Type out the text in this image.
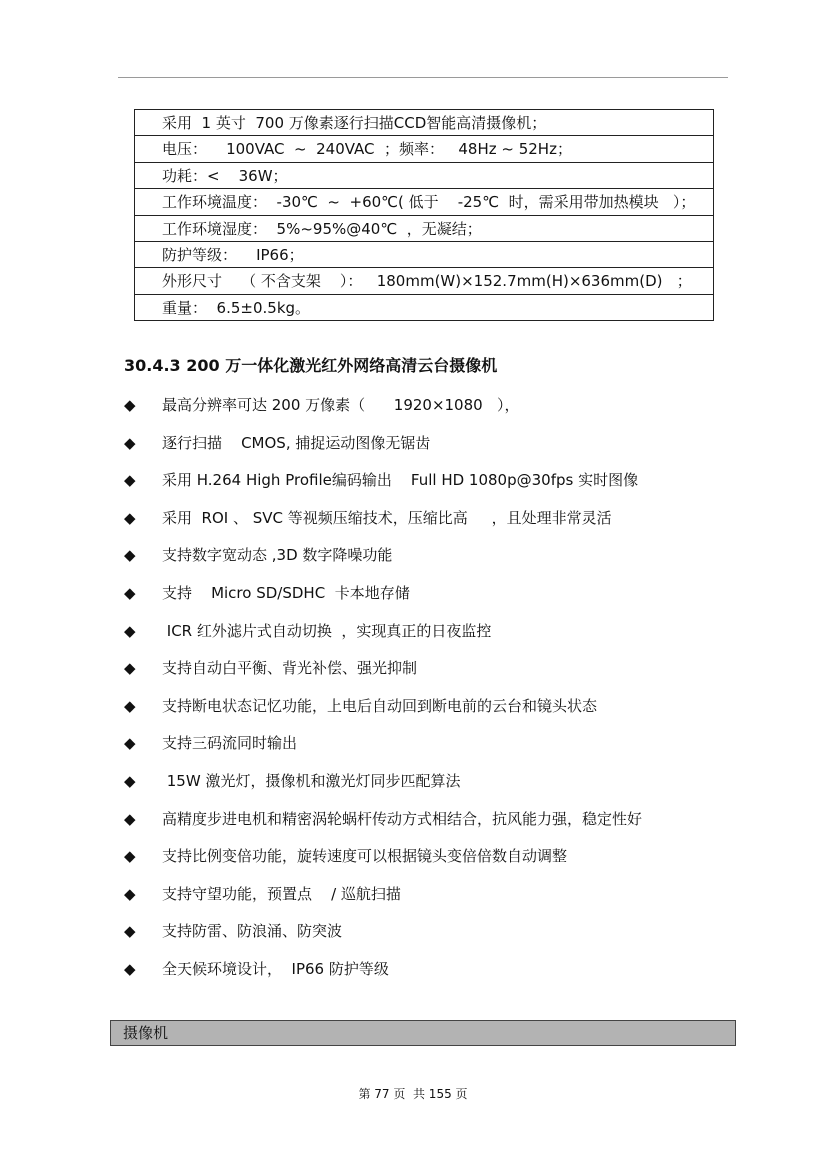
采用  1 英寸  700 万像素逐行扫描CCD智能高清摄像机；
电压：    100VAC  ~  240VAC  ；频率：   48Hz ~ 52Hz；
功耗：<    36W；
工作环境温度：  -30℃  ~  +60℃( 低于    -25℃  时，需采用带加热模块   ）；
工作环境湿度：  5%~95%@40℃  ，无凝结；
防护等级：    IP66；
外形尺寸    （ 不含支架    ）：   180mm(W)×152.7mm(H)×636mm(D)   ；
重量：  6.5±0.5kg。
30.4.3 200 万一体化激光红外网络高清云台摄像机
◆ 最高分辨率可达 200 万像素（      1920×1080   ），
◆ 逐行扫描    CMOS, 捕捉运动图像无锯齿
◆ 采用 H.264 High Profile编码输出    Full HD 1080p@30fps 实时图像
◆ 采用  ROI 、 SVC 等视频压缩技术，压缩比高     ，且处理非常灵活
◆ 支持数字宽动态 ,3D 数字降噪功能
◆ 支持    Micro SD/SDHC  卡本地存储
◆ ICR 红外滤片式自动切换  ，实现真正的日夜监控
◆ 支持自动白平衡、背光补偿、强光抑制
◆ 支持断电状态记忆功能，上电后自动回到断电前的云台和镜头状态
◆ 支持三码流同时输出
◆ 15W 激光灯，摄像机和激光灯同步匹配算法
◆ 高精度步进电机和精密涡轮蜗杆传动方式相结合，抗风能力强，稳定性好
◆ 支持比例变倍功能，旋转速度可以根据镜头变倍倍数自动调整
◆ 支持守望功能，预置点    / 巡航扫描
◆ 支持防雷、防浪涌、防突波
◆ 全天候环境设计，  IP66 防护等级
摄像机
第 77 页  共 155 页
